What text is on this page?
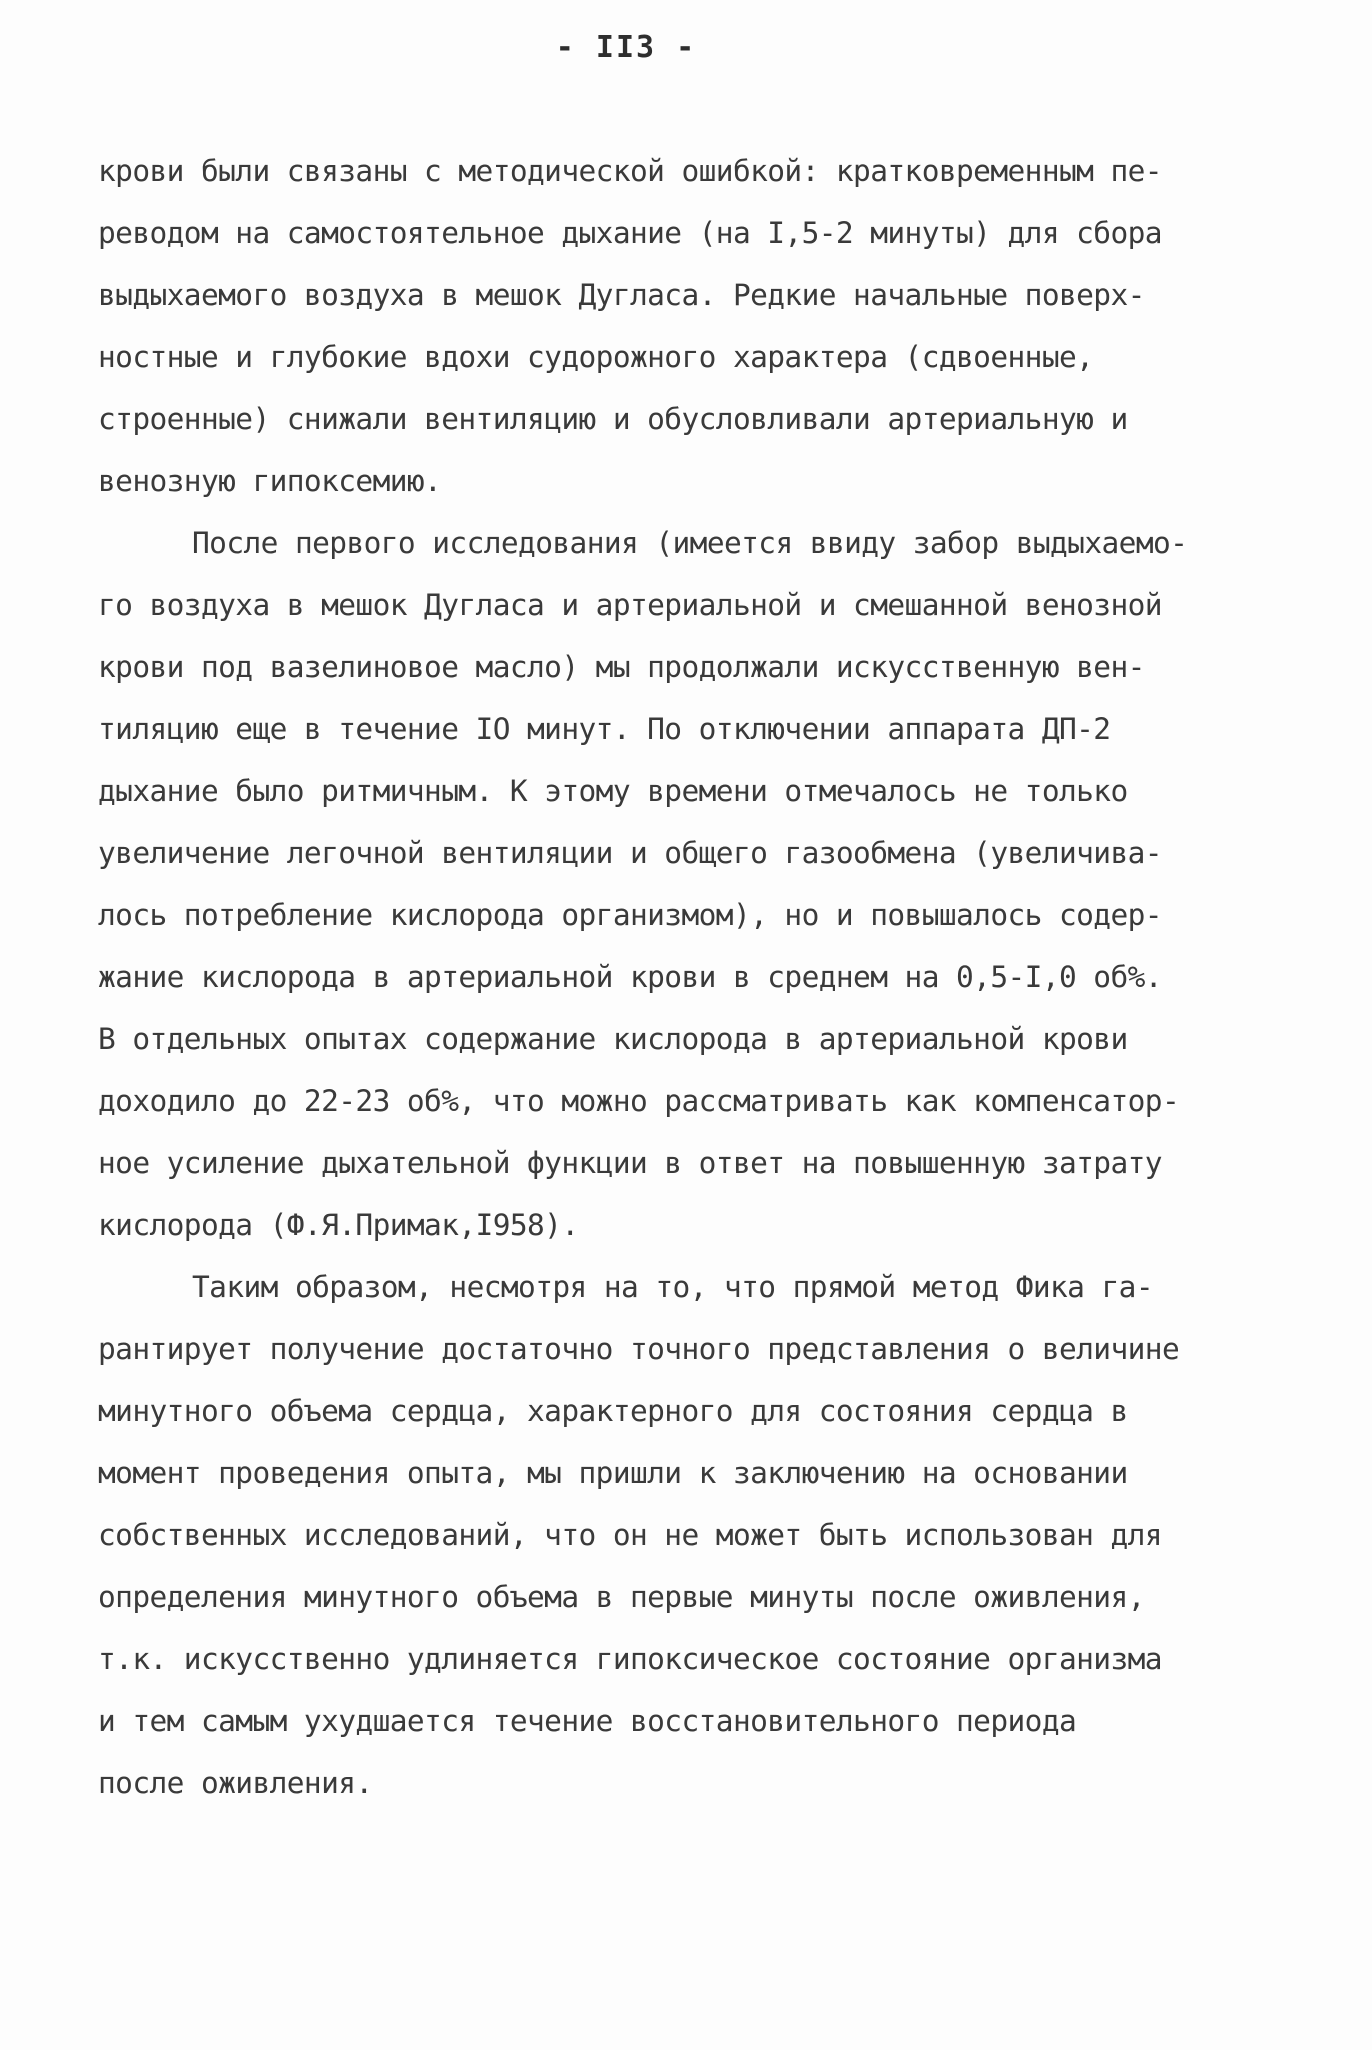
- II3 -
крови были связаны с методической ошибкой: кратковременным пе-
реводом на самостоятельное дыхание (на I,5-2 минуты) для сбора
выдыхаемого воздуха в мешок Дугласа. Редкие начальные поверх-
ностные и глубокие вдохи судорожного характера (сдвоенные,
строенные) снижали вентиляцию и обусловливали артериальную и
венозную гипоксемию.
После первого исследования (имеется ввиду забор выдыхаемо-
го воздуха в мешок Дугласа и артериальной и смешанной венозной
крови под вазелиновое масло) мы продолжали искусственную вен-
тиляцию еще в течение IO минут. По отключении аппарата ДП-2
дыхание было ритмичным. К этому времени отмечалось не только
увеличение легочной вентиляции и общего газообмена (увеличива-
лось потребление кислорода организмом), но и повышалось содер-
жание кислорода в артериальной крови в среднем на 0,5-I,0 об%.
В отдельных опытах содержание кислорода в артериальной крови
доходило до 22-23 об%, что можно рассматривать как компенсатор-
ное усиление дыхательной функции в ответ на повышенную затрату
кислорода (Ф.Я.Примак,I958).
Таким образом, несмотря на то, что прямой метод Фика га-
рантирует получение достаточно точного представления о величине
минутного объема сердца, характерного для состояния сердца в
момент проведения опыта, мы пришли к заключению на основании
собственных исследований, что он не может быть использован для
определения минутного объема в первые минуты после оживления,
т.к. искусственно удлиняется гипоксическое состояние организма
и тем самым ухудшается течение восстановительного периода
после оживления.
